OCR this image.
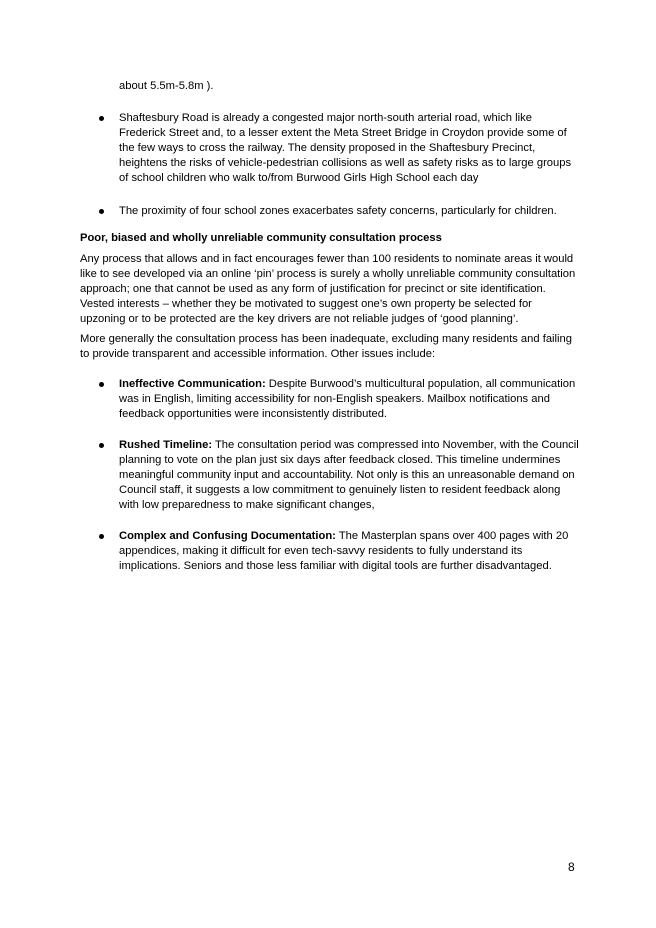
about 5.5m-5.8m ).

Shaftesbury Road is already a congested major north-south arterial road, which like Frederick Street and, to a lesser extent the Meta Street Bridge in Croydon provide some of the few ways to cross the railway. The density proposed in the Shaftesbury Precinct, heightens the risks of vehicle-pedestrian collisions as well as safety risks as to large groups of school children who walk to/from Burwood Girls High School each day
The proximity of four school zones exacerbates safety concerns, particularly for children.

Poor, biased and wholly unreliable community consultation process

Any process that allows and in fact encourages fewer than 100 residents to nominate areas it would like to see developed via an online ‘pin’ process is surely a wholly unreliable community consultation approach; one that cannot be used as any form of justification for precinct or site identification. Vested interests – whether they be motivated to suggest one’s own property be selected for upzoning or to be protected are the key drivers are not reliable judges of ‘good planning’.

More generally the consultation process has been inadequate, excluding many residents and failing to provide transparent and accessible information. Other issues include:

Ineffective Communication: Despite Burwood’s multicultural population, all communication was in English, limiting accessibility for non-English speakers. Mailbox notifications and feedback opportunities were inconsistently distributed.
Rushed Timeline: The consultation period was compressed into November, with the Council planning to vote on the plan just six days after feedback closed. This timeline undermines meaningful community input and accountability. Not only is this an unreasonable demand on Council staff, it suggests a low commitment to genuinely listen to resident feedback along with low preparedness to make significant changes,
Complex and Confusing Documentation: The Masterplan spans over 400 pages with 20 appendices, making it difficult for even tech-savvy residents to fully understand its implications. Seniors and those less familiar with digital tools are further disadvantaged.
8
